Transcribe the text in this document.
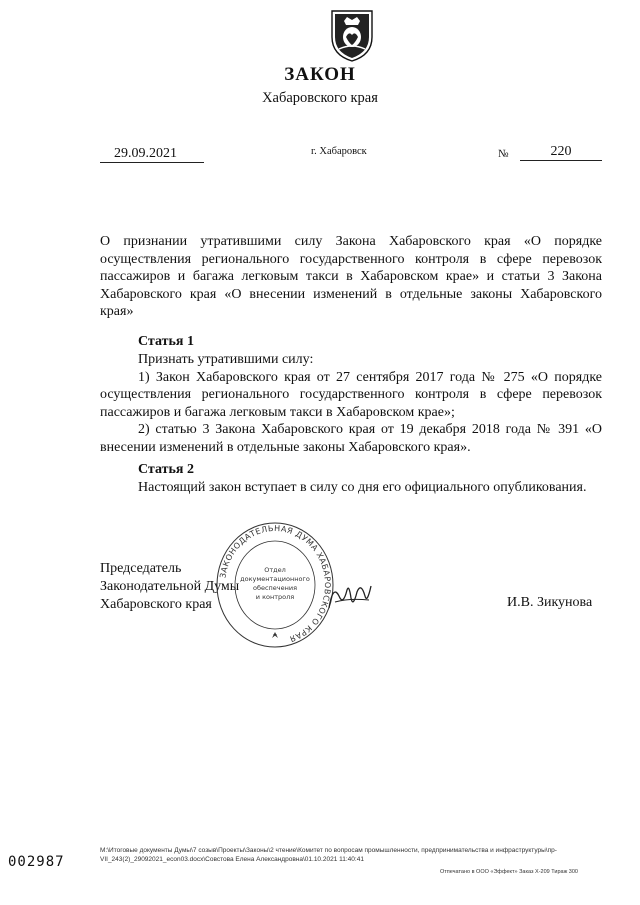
ЗАКОН
Хабаровского края
29.09.2021	г. Хабаровск	№	220
О признании утратившими силу Закона Хабаровского края «О порядке осуществления регионального государственного контроля в сфере перевозок пассажиров и багажа легковым такси в Хабаровском крае» и статьи 3 Закона Хабаровского края «О внесении изменений в отдельные законы Хабаровского края»
Статья 1
Признать утратившими силу:
1) Закон Хабаровского края от 27 сентября 2017 года № 275 «О порядке осуществления регионального государственного контроля в сфере перевозок пассажиров и багажа легковым такси в Хабаровском крае»;
2) статью 3 Закона Хабаровского края от 19 декабря 2018 года № 391 «О внесении изменений в отдельные законы Хабаровского края».
Статья 2
Настоящий закон вступает в силу со дня его официального опубликования.
Председатель
Законодательной Думы
Хабаровского края
ЗАКОНОДАТЕЛЬНАЯ ДУМА ХАБАРОВСКОГО КРАЯ
Отдел
документационного
обеспечения
и контроля	И.В. Зикунова
002987
M:\Итоговые документы Думы\7 созыв\Проекты\Законы\2 чтение\Комитет по вопросам промышленности, предпринимательства и инфраструктуры\пр-VII_243(2)_29092021_econ03.docx\Совстова Елена Александровна\01.10.2021 11:40:41
Отпечатано в ООО «Эффект» Заказ Х-209 Тираж 300
